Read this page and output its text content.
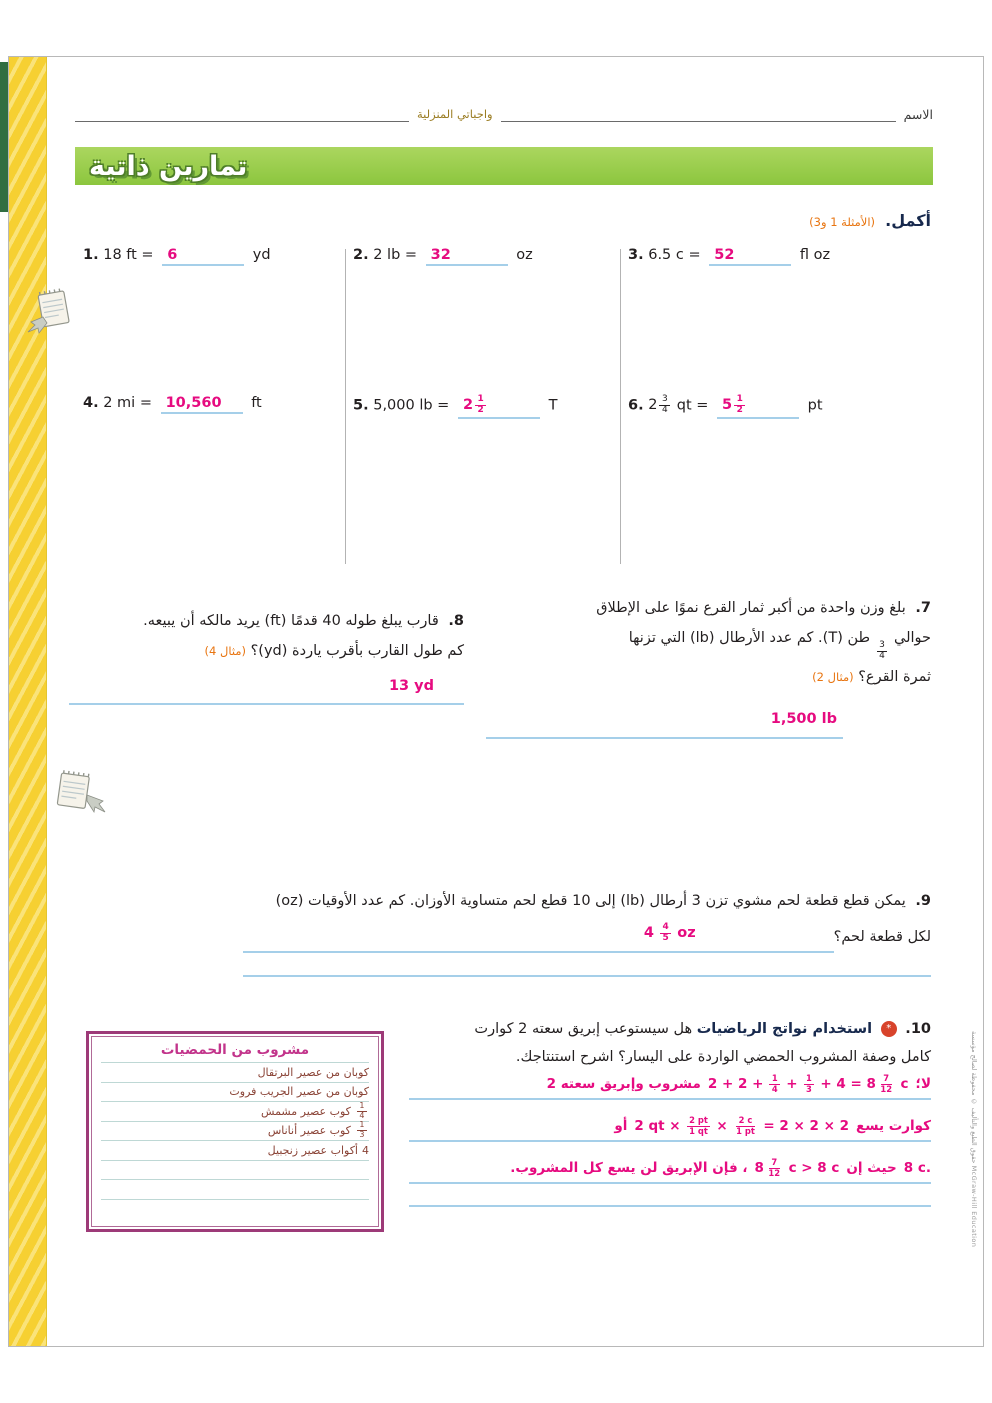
الاسم
واجباتي المنزلية
تمارين ذاتية
أكمل. (الأمثلة 1 و3)
1. 18 ft = 6	yd	2. 2 lb = 32	oz	3. 6.5 c = 52	fl oz
4. 2 mi = 10,560 ft	5. 5,000 lb = $2 \frac{1}{2}$	T	6. $2 \frac{3}{4}$ qt = $5 \frac{1}{2}$	pt
7. بلغ وزن واحدة من أكبر ثمار القرع نموًا على الإطلاق
حوالي
$\frac{3}{4}$
طن (T). كم عدد الأرطال (lb) التي تزنها
ثمرة القرع؟ (مثال 2)
1,500 lb
8. قارب يبلغ طوله 40 قدمًا (ft) يريد مالكه أن يبيعه.
كم طول القارب بأقرب ياردة (yd)؟ (مثال 4)
13 yd
9. يمكن قطع قطعة لحم مشوي تزن 3 أرطال (lb) إلى 10 قطع لحم متساوية الأوزان. كم عدد الأوقيات (oz)
لكل قطعة لحم؟
$4 \frac{4}{5}$ oz
10. * استخدام نواتج الرياضيات هل سيستوعب إبريق سعته 2 كوارت
كامل وصفة المشروب الحمضي الواردة على اليسار؟ اشرح استنتاجك.
مشروب من الحمضيات
كوبان من عصير البرتقال
كوبان من عصير الجريب فروت
$\frac{1}{4}$
كوب عصير مشمش
$\frac{1}{3}$
كوب عصير أناناس
4
أكواب عصير زنجبيل
لا؛
$2 + 2 + \frac{1}{4} + \frac{1}{3} + 4 = 8 \frac{7}{12}$ c
مشروب وإبريق سعته 2
كوارت يسع
2 qt × $\frac{2 pt}{1 qt} \times \frac{2 c}{1 pt} = 2 \times 2 \times 2$
أو
8 c.
حيث إن
$8 \frac{7}{12}$ c > 8 c
، فإن الإبريق لن يسع كل المشروب.
حقوق الطبع والتأليف © محفوظة لصالح مؤسسة McGraw-Hill Education
